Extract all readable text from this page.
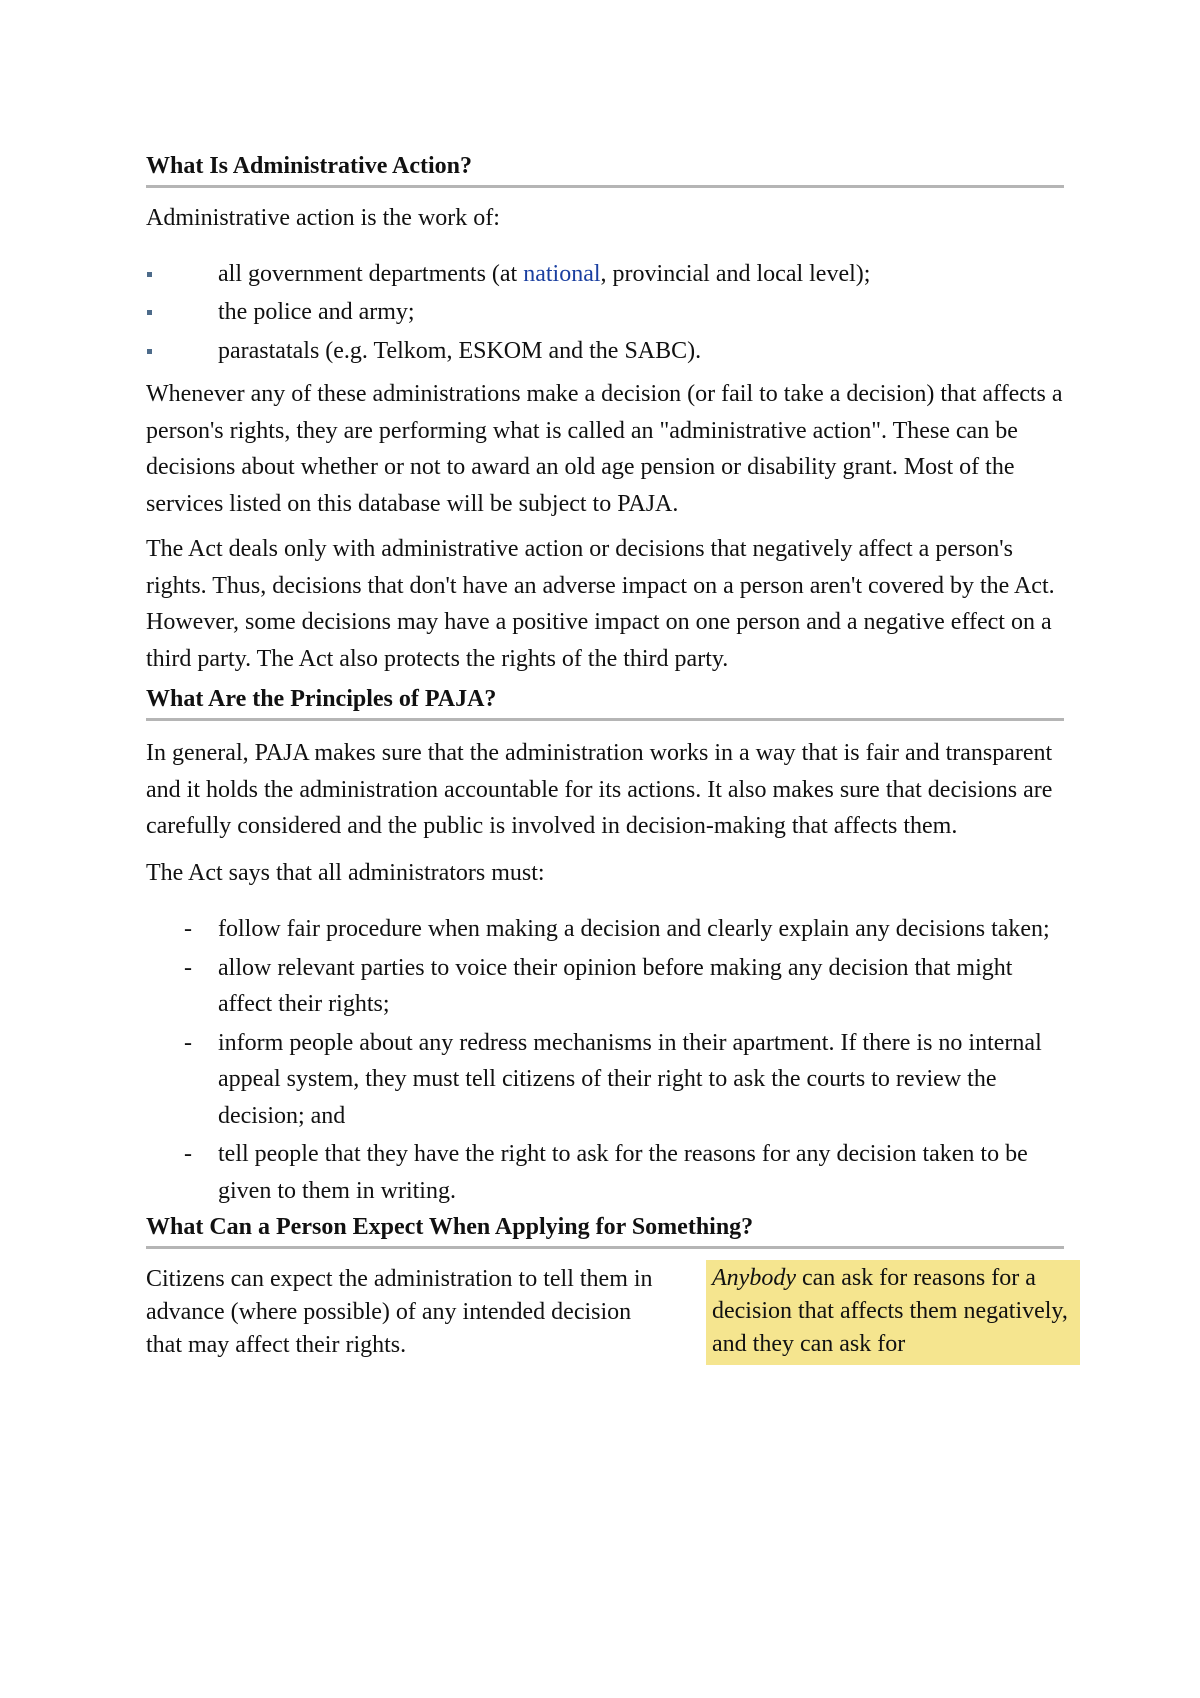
What Is Administrative Action?

Administrative action is the work of:

all government departments (at national, provincial and local level);
the police and army;
parastatals (e.g. Telkom, ESKOM and the SABC).

Whenever any of these administrations make a decision (or fail to take a decision) that affects a person's rights, they are performing what is called an "administrative action". These can be decisions about whether or not to award an old age pension or disability grant. Most of the services listed on this database will be subject to PAJA.

The Act deals only with administrative action or decisions that negatively affect a person's rights. Thus, decisions that don't have an adverse impact on a person aren't covered by the Act. However, some decisions may have a positive impact on one person and a negative effect on a third party. The Act also protects the rights of the third party.

What Are the Principles of PAJA?

In general, PAJA makes sure that the administration works in a way that is fair and transparent and it holds the administration accountable for its actions. It also makes sure that decisions are carefully considered and the public is involved in decision-making that affects them.

The Act says that all administrators must:

- follow fair procedure when making a decision and clearly explain any decisions taken;
- allow relevant parties to voice their opinion before making any decision that might affect their rights;
- inform people about any redress mechanisms in their apartment. If there is no internal appeal system, they must tell citizens of their right to ask the courts to review the decision; and
- tell people that they have the right to ask for the reasons for any decision taken to be given to them in writing.
What Can a Person Expect When Applying for Something?

Citizens can expect the administration to tell them in advance (where possible) of any intended decision that may affect their rights.

Anybody can ask for reasons for a decision that affects them negatively, and they can ask for
